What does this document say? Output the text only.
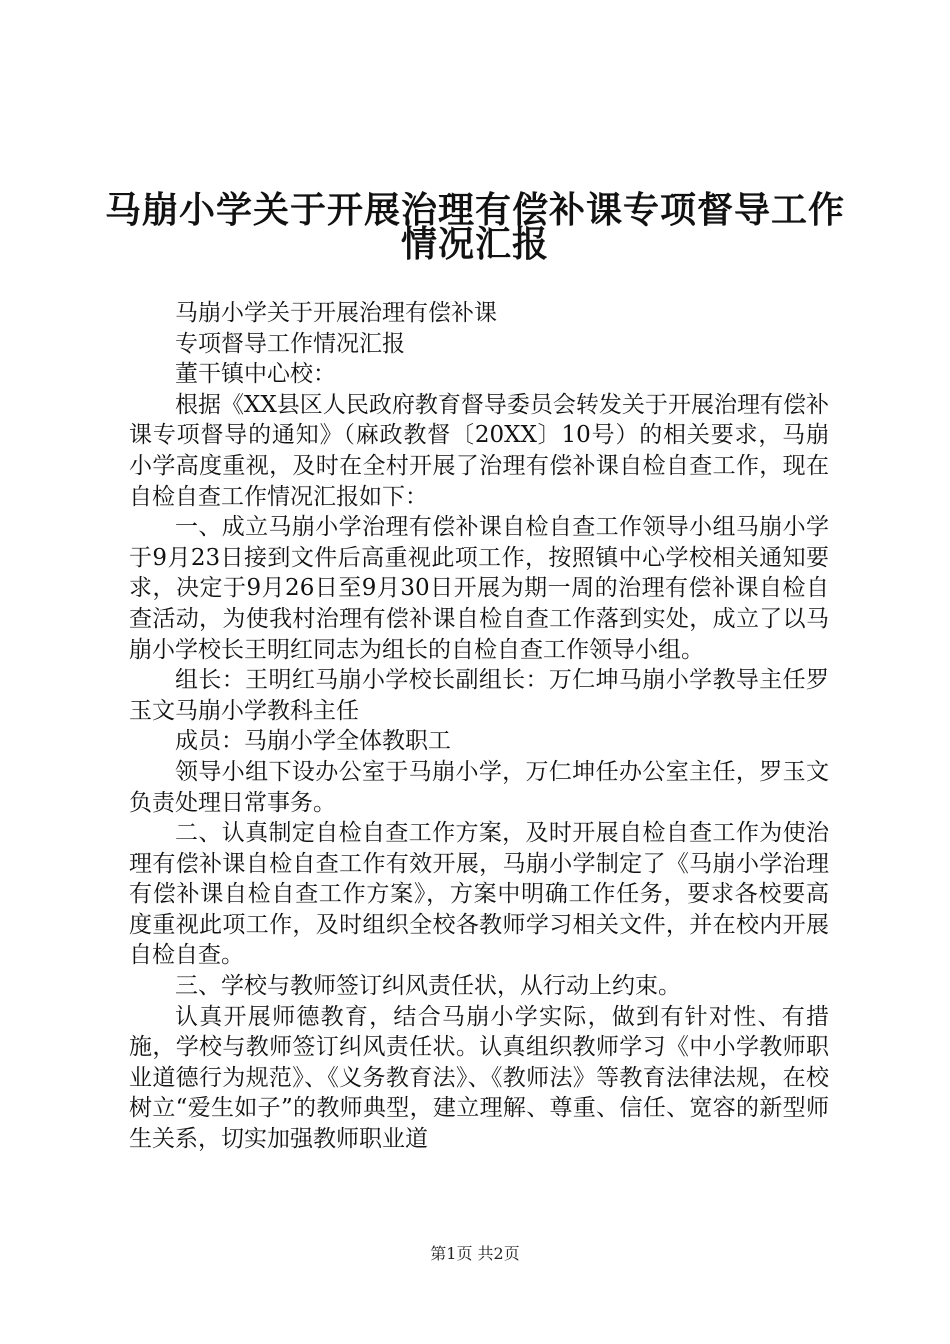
马崩小学关于开展治理有偿补课专项督导工作
情况汇报

马崩小学关于开展治理有偿补课

专项督导工作情况汇报

董干镇中心校：

根据《XX县区人民政府教育督导委员会转发关于开展治理有偿补课专项督导的通知》（麻政教督〔20XX〕10号）的相关要求，马崩小学高度重视，及时在全村开展了治理有偿补课自检自查工作，现在自检自查工作情况汇报如下：

一、成立马崩小学治理有偿补课自检自查工作领导小组马崩小学于9月23日接到文件后高重视此项工作，按照镇中心学校相关通知要求，决定于9月26日至9月30日开展为期一周的治理有偿补课自检自查活动，为使我村治理有偿补课自检自查工作落到实处，成立了以马崩小学校长王明红同志为组长的自检自查工作领导小组。

组长：王明红马崩小学校长副组长：万仁坤马崩小学教导主任罗玉文马崩小学教科主任

成员：马崩小学全体教职工

领导小组下设办公室于马崩小学，万仁坤任办公室主任，罗玉文负责处理日常事务。

二、认真制定自检自查工作方案，及时开展自检自查工作为使治理有偿补课自检自查工作有效开展，马崩小学制定了《马崩小学治理有偿补课自检自查工作方案》，方案中明确工作任务，要求各校要高度重视此项工作，及时组织全校各教师学习相关文件，并在校内开展自检自查。

三、学校与教师签订纠风责任状，从行动上约束。

认真开展师德教育，结合马崩小学实际，做到有针对性、有措施，学校与教师签订纠风责任状。认真组织教师学习《中小学教师职业道德行为规范》、《义务教育法》、《教师法》等教育法律法规，在校树立“爱生如子”的教师典型，建立理解、尊重、信任、宽容的新型师生关系，切实加强教师职业道

第1页 共2页
